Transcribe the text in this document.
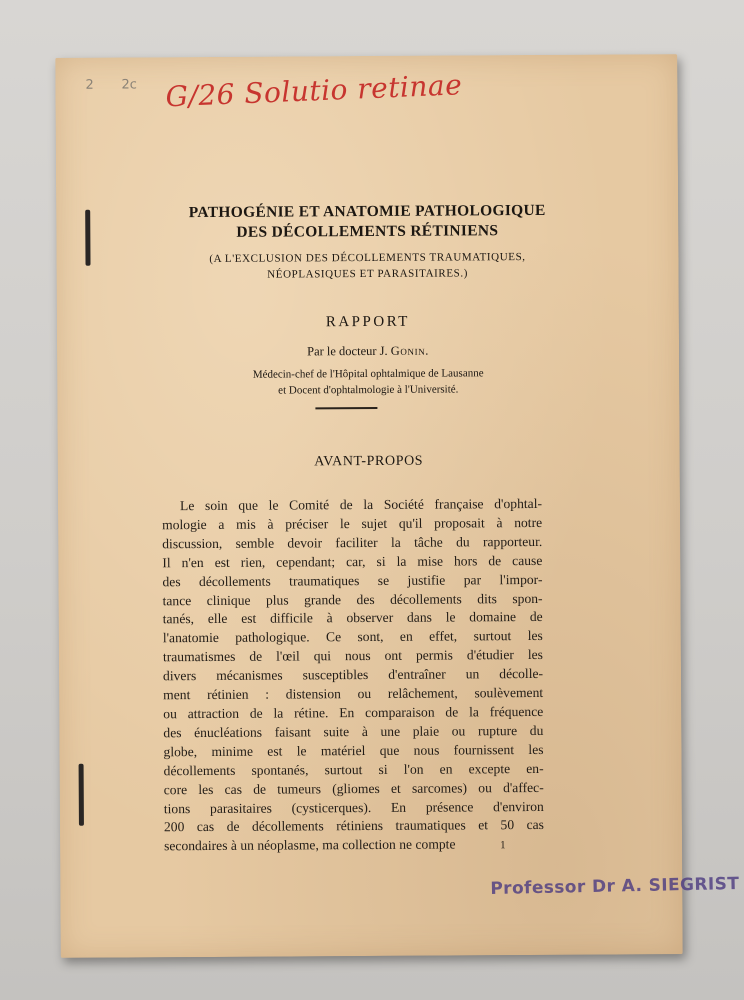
2 2c G/26 Solutio retinae
PATHOGÉNIE ET ANATOMIE PATHOLOGIQUE
DES DÉCOLLEMENTS RÉTINIENS
(A L'EXCLUSION DES DÉCOLLEMENTS TRAUMATIQUES,
NÉOPLASIQUES ET PARASITAIRES.)
RAPPORT
Par le docteur J. Gonin.
Médecin-chef de l'Hôpital ophtalmique de Lausanne
et Docent d'ophtalmologie à l'Université.
AVANT-PROPOS
Le soin que le Comité de la Société française d'ophtal-
mologie a mis à préciser le sujet qu'il proposait à notre
discussion, semble devoir faciliter la tâche du rapporteur.
Il n'en est rien, cependant; car, si la mise hors de cause
des décollements traumatiques se justifie par l'impor-
tance clinique plus grande des décollements dits spon-
tanés, elle est difficile à observer dans le domaine de
l'anatomie pathologique. Ce sont, en effet, surtout les
traumatismes de l'œil qui nous ont permis d'étudier les
divers mécanismes susceptibles d'entraîner un décolle-
ment rétinien : distension ou relâchement, soulèvement
ou attraction de la rétine. En comparaison de la fréquence
des énucléations faisant suite à une plaie ou rupture du
globe, minime est le matériel que nous fournissent les
décollements spontanés, surtout si l'on en excepte en-
core les cas de tumeurs (gliomes et sarcomes) ou d'affec-
tions parasitaires (cysticerques). En présence d'environ
200 cas de décollements rétiniens traumatiques et 50 cas
secondaires à un néoplasme, ma collection ne compte	1
Professor Dr A. SIEGRIST
